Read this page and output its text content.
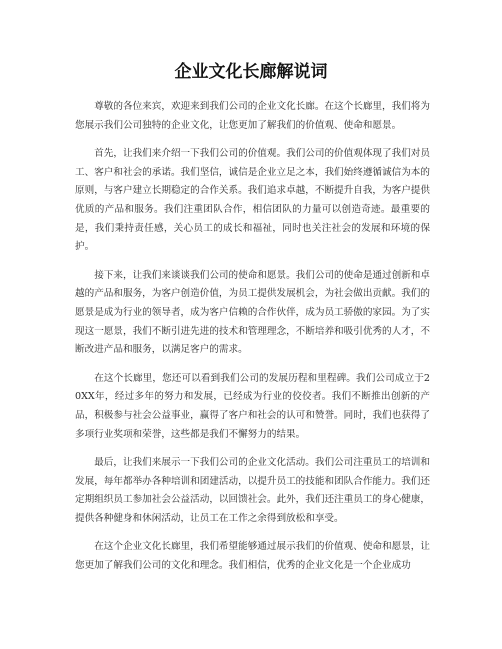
企业文化长廊解说词

尊敬的各位来宾，欢迎来到我们公司的企业文化长廊。在这个长廊里，我们将为您展示我们公司独特的企业文化，让您更加了解我们的价值观、使命和愿景。

首先，让我们来介绍一下我们公司的价值观。我们公司的价值观体现了我们对员工、客户和社会的承诺。我们坚信，诚信是企业立足之本，我们始终遵循诚信为本的原则，与客户建立长期稳定的合作关系。我们追求卓越，不断提升自我，为客户提供优质的产品和服务。我们注重团队合作，相信团队的力量可以创造奇迹。最重要的是，我们秉持责任感，关心员工的成长和福祉，同时也关注社会的发展和环境的保护。

接下来，让我们来谈谈我们公司的使命和愿景。我们公司的使命是通过创新和卓越的产品和服务，为客户创造价值，为员工提供发展机会，为社会做出贡献。我们的愿景是成为行业的领导者，成为客户信赖的合作伙伴，成为员工骄傲的家园。为了实现这一愿景，我们不断引进先进的技术和管理理念，不断培养和吸引优秀的人才，不断改进产品和服务，以满足客户的需求。

在这个长廊里，您还可以看到我们公司的发展历程和里程碑。我们公司成立于20XX年，经过多年的努力和发展，已经成为行业的佼佼者。我们不断推出创新的产品，积极参与社会公益事业，赢得了客户和社会的认可和赞誉。同时，我们也获得了多项行业奖项和荣誉，这些都是我们不懈努力的结果。

最后，让我们来展示一下我们公司的企业文化活动。我们公司注重员工的培训和发展，每年都举办各种培训和团建活动，以提升员工的技能和团队合作能力。我们还定期组织员工参加社会公益活动，以回馈社会。此外，我们还注重员工的身心健康，提供各种健身和休闲活动，让员工在工作之余得到放松和享受。

在这个企业文化长廊里，我们希望能够通过展示我们的价值观、使命和愿景，让您更加了解我们公司的文化和理念。我们相信，优秀的企业文化是一个企业成功
